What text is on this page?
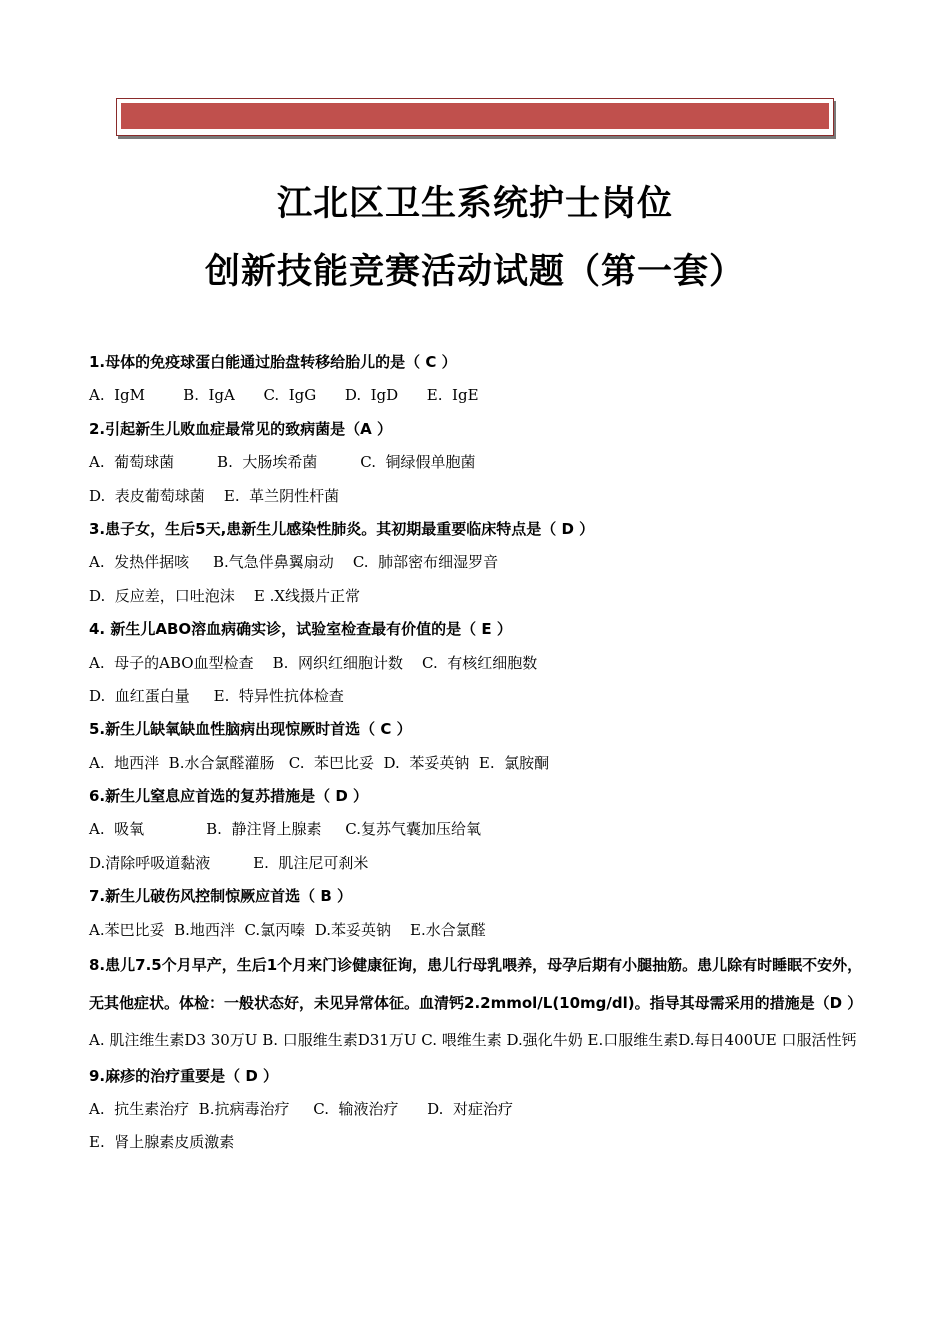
江北区卫生系统护士岗位
创新技能竞赛活动试题（第一套）
1.母体的免疫球蛋白能通过胎盘转移给胎儿的是（ C ）
A.  IgM        B.  IgA      C.  IgG      D.  IgD      E.  IgE
2.引起新生儿败血症最常见的致病菌是（A ）
A.  葡萄球菌         B.  大肠埃希菌         C.  铜绿假单胞菌
D.  表皮葡萄球菌    E.  革兰阴性杆菌
3.患子女，生后5天,患新生儿感染性肺炎。其初期最重要临床特点是（ D ）
A.  发热伴据咳     B.气急伴鼻翼扇动    C.  肺部密布细湿罗音
D.  反应差，口吐泡沫    E .X线摄片正常
4. 新生儿ABO溶血病确实诊，试验室检查最有价值的是（ E ）
A.  母子的ABO血型检查    B.  网织红细胞计数    C.  有核红细胞数
D.  血红蛋白量     E.  特异性抗体检查
5.新生儿缺氧缺血性脑病出现惊厥时首选（ C ）
A.  地西泮  B.水合氯醛灌肠   C.  苯巴比妥  D.  苯妥英钠  E.  氯胺酮
6.新生儿窒息应首选的复苏措施是（ D ）
A.  吸氧             B.  静注肾上腺素     C.复苏气囊加压给氧
D.清除呼吸道黏液         E.  肌注尼可刹米
7.新生儿破伤风控制惊厥应首选（ B ）
A.苯巴比妥  B.地西泮  C.氯丙嗪  D.苯妥英钠    E.水合氯醛
8.患儿7.5个月早产，生后1个月来门诊健康征询，患儿行母乳喂养，母孕后期有小腿抽筋。患儿除有时睡眠不安外，无其他症状。体检：一般状态好，未见异常体征。血清钙2.2mmol/L(10mg/dl)。指导其母需采用的措施是（D ）
A. 肌注维生素D3 30万U B. 口服维生素D31万U C. 喂维生素 D.强化牛奶 E.口服维生素D.每日400UE 口服活性钙
9.麻疹的治疗重要是（ D ）
A.  抗生素治疗  B.抗病毒治疗     C.  输液治疗      D.  对症治疗
E.  肾上腺素皮质激素
